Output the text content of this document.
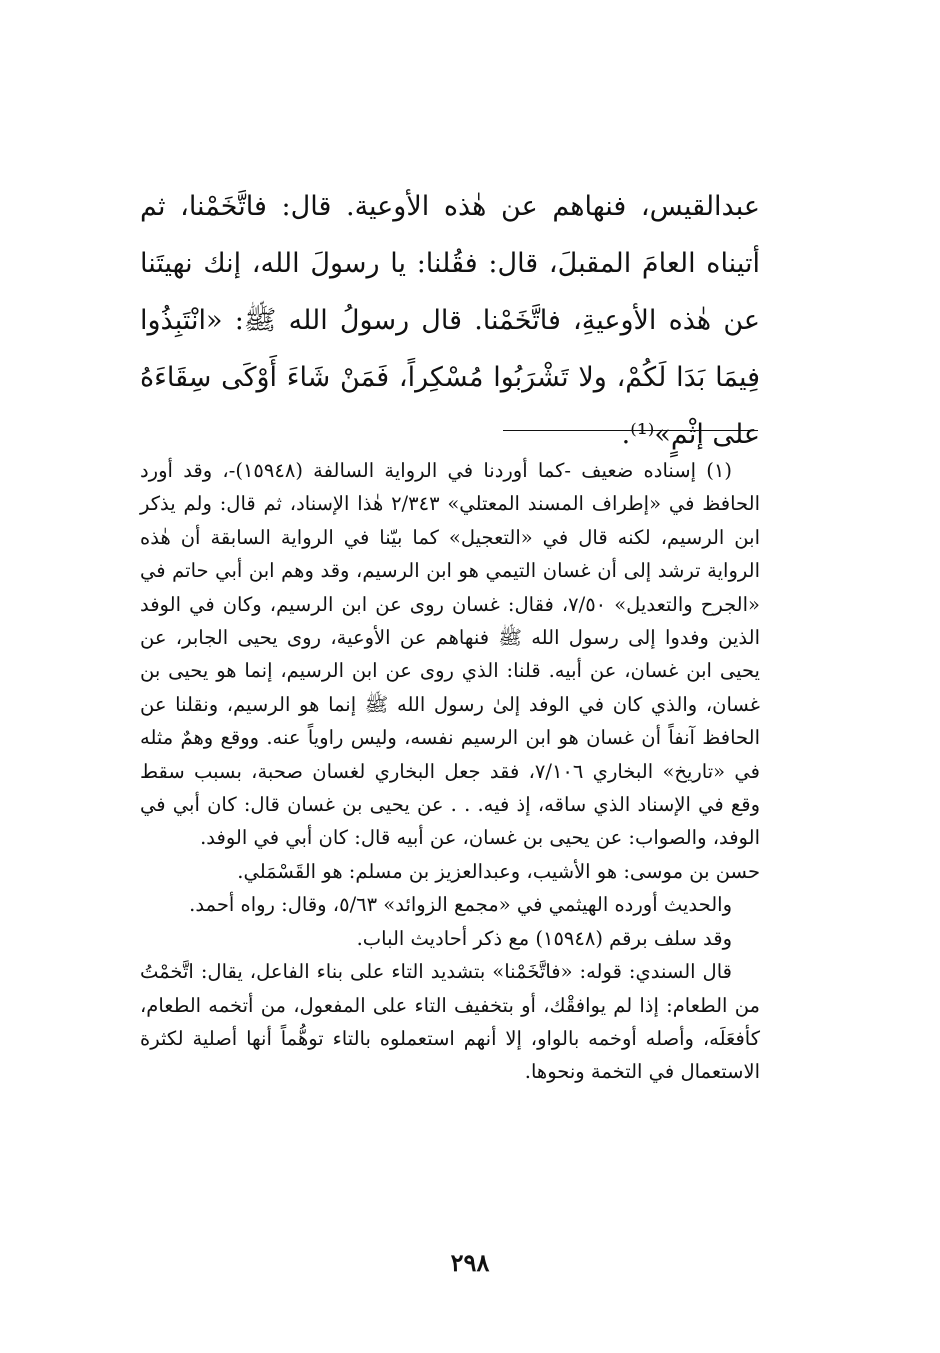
عبدالقيس، فنهاهم عن هٰذه الأوعية. قال: فاتَّخَمْنا، ثم أتيناه العامَ المقبلَ، قال: فقُلنا: يا رسولَ الله، إنك نهيتَنا عن هٰذه الأوعيةِ، فاتَّخَمْنا. قال رسولُ الله ﷺ: «انْتَبِذُوا فِيمَا بَدَا لَكُمْ، ولا تَشْرَبُوا مُسْكِراً، فَمَنْ شَاءَ أَوْكَى سِقَاءَهُ على إثْمٍ»⁽¹⁾.

(١) إسناده ضعيف -كما أوردنا في الرواية السالفة (١٥٩٤٨)-، وقد أورد الحافظ في «إطراف المسند المعتلي» ٢/٣٤٣ هٰذا الإسناد، ثم قال: ولم يذكر ابن الرسيم، لكنه قال في «التعجيل» كما بيّنا في الرواية السابقة أن هٰذه الرواية ترشد إلى أن غسان التيمي هو ابن الرسيم، وقد وهم ابن أبي حاتم في «الجرح والتعديل» ٧/٥٠، فقال: غسان روى عن ابن الرسيم، وكان في الوفد الذين وفدوا إلى رسول الله ﷺ فنهاهم عن الأوعية، روى يحيى الجابر، عن يحيى ابن غسان، عن أبيه. قلنا: الذي روى عن ابن الرسيم، إنما هو يحيى بن غسان، والذي كان في الوفد إلىٰ رسول الله ﷺ إنما هو الرسيم، ونقلنا عن الحافظ آنفاً أن غسان هو ابن الرسيم نفسه، وليس راوياً عنه. ووقع وهمٌ مثله في «تاريخ» البخاري ٧/١٠٦، فقد جعل البخاري لغسان صحبة، بسبب سقط وقع في الإسناد الذي ساقه، إذ فيه. . . عن يحيى بن غسان قال: كان أبي في الوفد، والصواب: عن يحيى بن غسان، عن أبيه قال: كان أبي في الوفد.

حسن بن موسى: هو الأشيب، وعبدالعزيز بن مسلم: هو القَسْمَلي.

والحديث أورده الهيثمي في «مجمع الزوائد» ٥/٦٣، وقال: رواه أحمد.

وقد سلف برقم (١٥٩٤٨) مع ذكر أحاديث الباب.

قال السندي: قوله: «فاتَّخَمْنا» بتشديد التاء على بناء الفاعل، يقال: اتَّخمْتُ من الطعام: إذا لم يوافقْك، أو بتخفيف التاء على المفعول، من أتخمه الطعام، كأفعَلَه، وأصله أوخمه بالواو، إلا أنهم استعملوه بالتاء توهُّماً أنها أصلية لكثرة الاستعمال في التخمة ونحوها.

٢٩٨
